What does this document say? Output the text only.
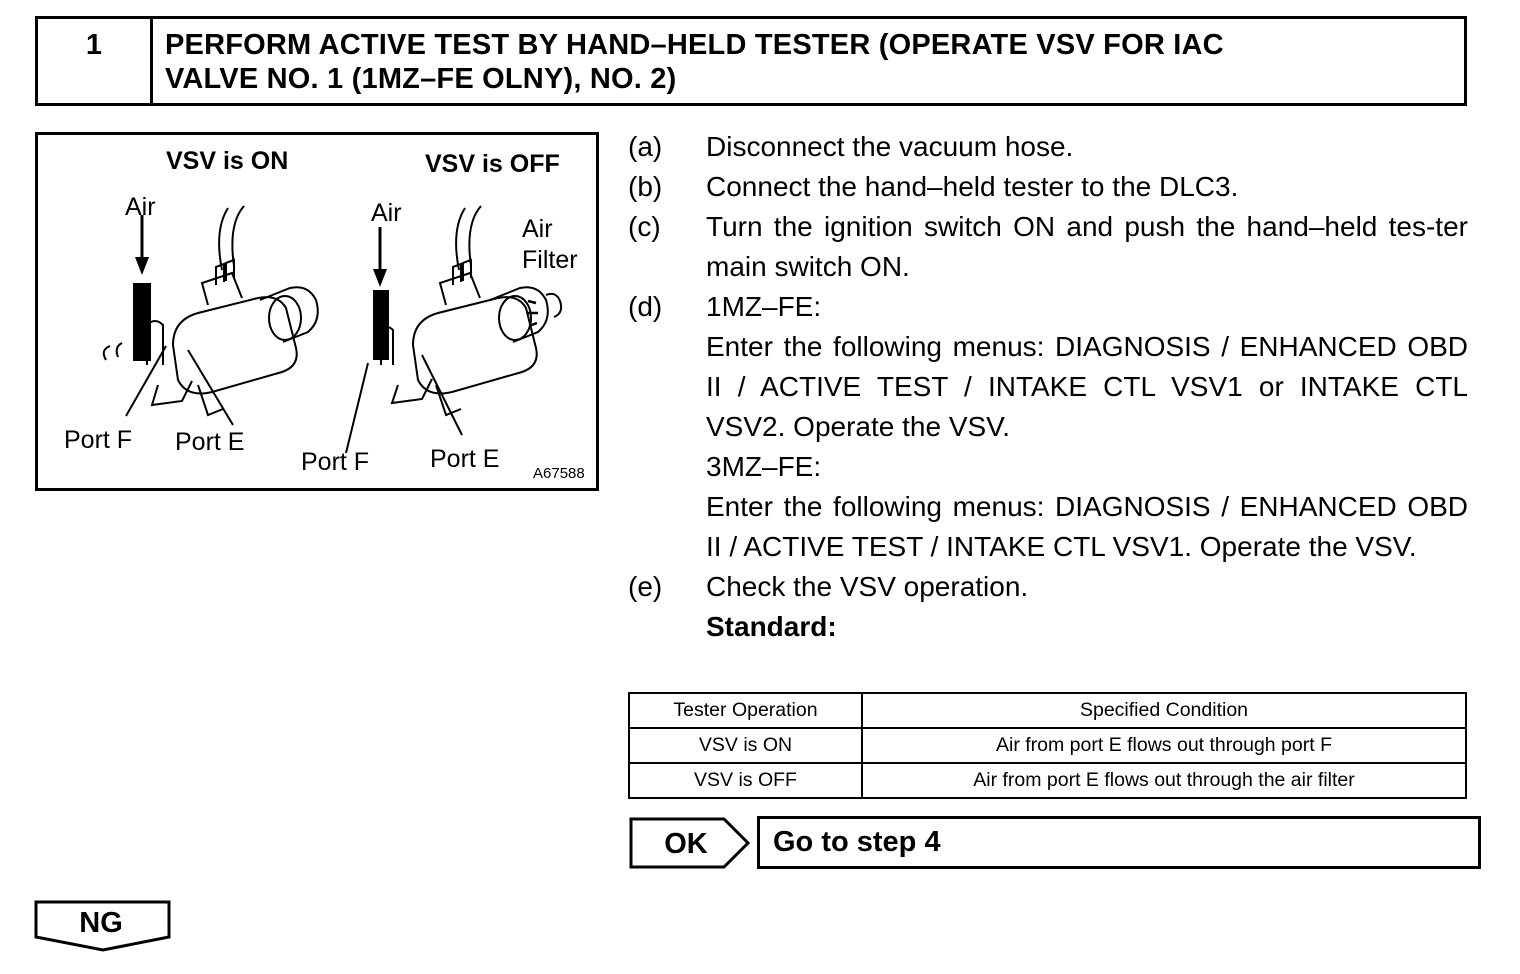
1	PERFORM ACTIVE TEST BY HAND–HELD TESTER (OPERATE VSV FOR IAC
VALVE NO. 1 (1MZ–FE OLNY), NO. 2)
VSV is ON	VSV is OFF
Air	Air
Air
Filter
Port F Port E
Port F Port E
A67588
(a) Disconnect the vacuum hose.
(b) Connect the hand–held tester to the DLC3.
(c) Turn the ignition switch ON and push the hand–held tes-ter main switch ON.
(d) 1MZ–FE:
Enter the following menus: DIAGNOSIS / ENHANCED OBD II / ACTIVE TEST / INTAKE CTL VSV1 or INTAKE CTL VSV2. Operate the VSV.
3MZ–FE:
Enter the following menus: DIAGNOSIS / ENHANCED OBD II / ACTIVE TEST / INTAKE CTL VSV1. Operate the VSV.
(e) Check the VSV operation.
Standard:
Tester Operation	Specified Condition
VSV is ON	Air from port E flows out through port F
VSV is OFF	Air from port E flows out through the air filter
OK	Go to step 4
NG
